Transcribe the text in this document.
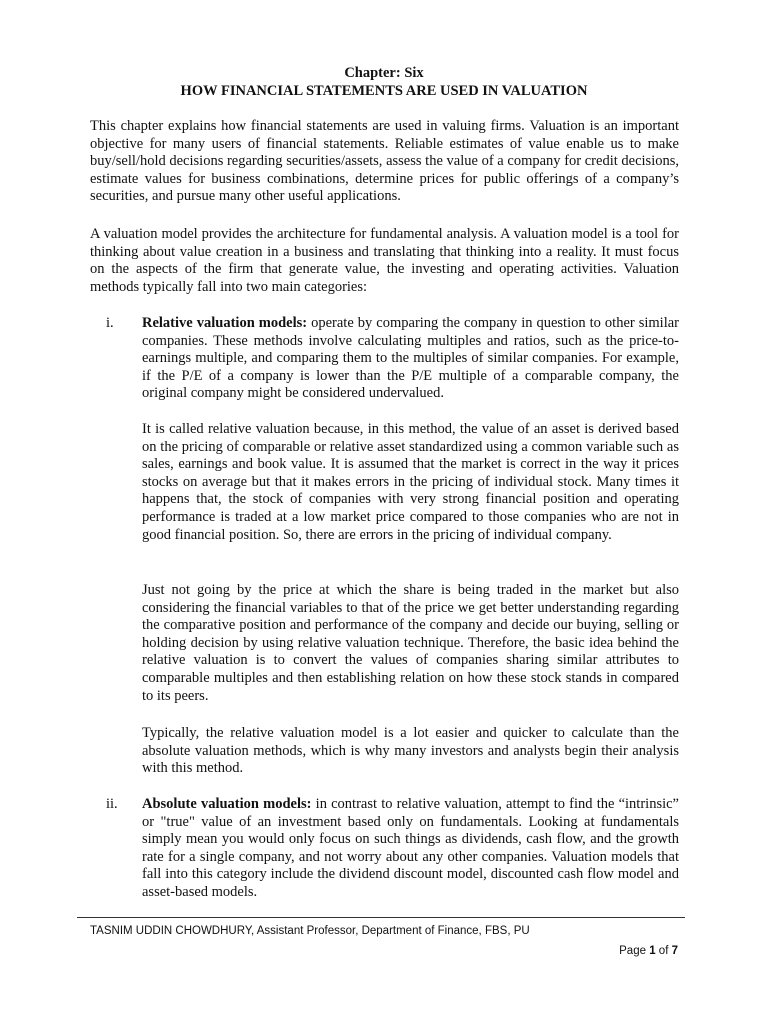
Chapter: Six
HOW FINANCIAL STATEMENTS ARE USED IN VALUATION

This chapter explains how financial statements are used in valuing firms. Valuation is an important objective for many users of financial statements. Reliable estimates of value enable us to make buy/sell/hold decisions regarding securities/assets, assess the value of a company for credit decisions, estimate values for business combinations, determine prices for public offerings of a company’s securities, and pursue many other useful applications.

A valuation model provides the architecture for fundamental analysis. A valuation model is a tool for thinking about value creation in a business and translating that thinking into a reality. It must focus on the aspects of the firm that generate value, the investing and operating activities. Valuation methods typically fall into two main categories:

i. Relative valuation models: operate by comparing the company in question to other similar companies. These methods involve calculating multiples and ratios, such as the price-to-earnings multiple, and comparing them to the multiples of similar companies. For example, if the P/E of a company is lower than the P/E multiple of a comparable company, the original company might be considered undervalued.

It is called relative valuation because, in this method, the value of an asset is derived based on the pricing of comparable or relative asset standardized using a common variable such as sales, earnings and book value. It is assumed that the market is correct in the way it prices stocks on average but that it makes errors in the pricing of individual stock. Many times it happens that, the stock of companies with very strong financial position and operating performance is traded at a low market price compared to those companies who are not in good financial position. So, there are errors in the pricing of individual company.

Just not going by the price at which the share is being traded in the market but also considering the financial variables to that of the price we get better understanding regarding the comparative position and performance of the company and decide our buying, selling or holding decision by using relative valuation technique. Therefore, the basic idea behind the relative valuation is to convert the values of companies sharing similar attributes to comparable multiples and then establishing relation on how these stock stands in compared to its peers.

Typically, the relative valuation model is a lot easier and quicker to calculate than the absolute valuation methods, which is why many investors and analysts begin their analysis with this method.

ii. Absolute valuation models: in contrast to relative valuation, attempt to find the “intrinsic” or "true" value of an investment based only on fundamentals. Looking at fundamentals simply mean you would only focus on such things as dividends, cash flow, and the growth rate for a single company, and not worry about any other companies. Valuation models that fall into this category include the dividend discount model, discounted cash flow model and asset-based models.

TASNIM UDDIN CHOWDHURY, Assistant Professor, Department of Finance, FBS, PU
Page 1 of 7
